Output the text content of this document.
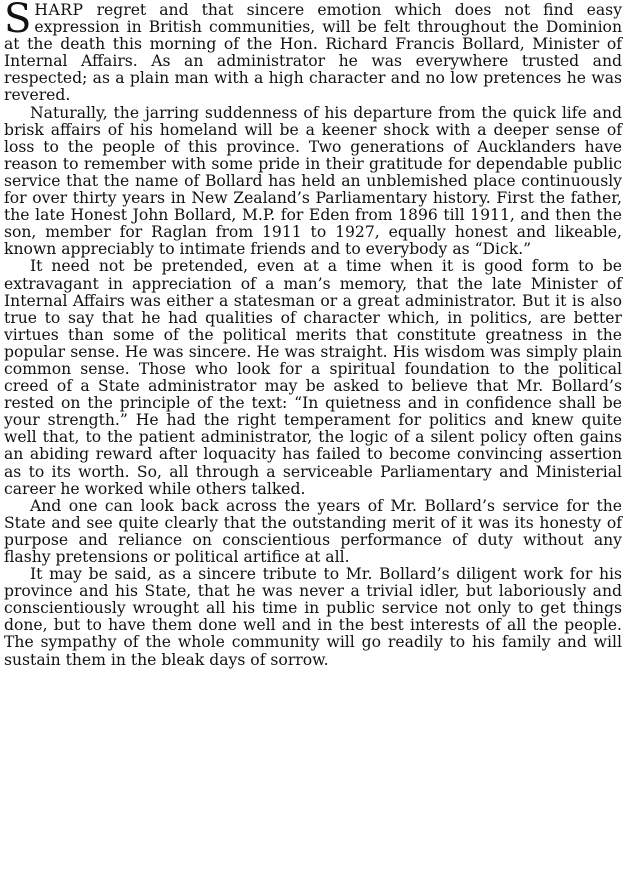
SHARP regret and that sincere emotion which does not find easy expression in British communities, will be felt throughout the Dominion at the death this morning of the Hon. Richard Francis Bollard, Minister of Internal Affairs. As an administrator he was everywhere trusted and respected; as a plain man with a high character and no low pretences he was revered.

Naturally, the jarring suddenness of his departure from the quick life and brisk affairs of his homeland will be a keener shock with a deeper sense of loss to the people of this province. Two generations of Aucklanders have reason to remember with some pride in their gratitude for dependable public service that the name of Bollard has held an unblemished place continuously for over thirty years in New Zealand’s Parliamentary history. First the father, the late Honest John Bollard, M.P. for Eden from 1896 till 1911, and then the son, member for Raglan from 1911 to 1927, equally honest and likeable, known appreciably to intimate friends and to everybody as “Dick.”

It need not be pretended, even at a time when it is good form to be extravagant in appreciation of a man’s memory, that the late Minister of Internal Affairs was either a statesman or a great administrator. But it is also true to say that he had qualities of character which, in politics, are better virtues than some of the political merits that constitute greatness in the popular sense. He was sincere. He was straight. His wisdom was simply plain common sense. Those who look for a spiritual foundation to the political creed of a State administrator may be asked to believe that Mr. Bollard’s rested on the principle of the text: “In quietness and in confidence shall be your strength.” He had the right temperament for politics and knew quite well that, to the patient administrator, the logic of a silent policy often gains an abiding reward after loquacity has failed to become convincing assertion as to its worth. So, all through a serviceable Parliamentary and Ministerial career he worked while others talked.

And one can look back across the years of Mr. Bollard’s service for the State and see quite clearly that the outstanding merit of it was its honesty of purpose and reliance on conscientious performance of duty without any flashy pretensions or political artifice at all.

It may be said, as a sincere tribute to Mr. Bollard’s diligent work for his province and his State, that he was never a trivial idler, but laboriously and conscientiously wrought all his time in public service not only to get things done, but to have them done well and in the best interests of all the people. The sympathy of the whole community will go readily to his family and will sustain them in the bleak days of sorrow.
